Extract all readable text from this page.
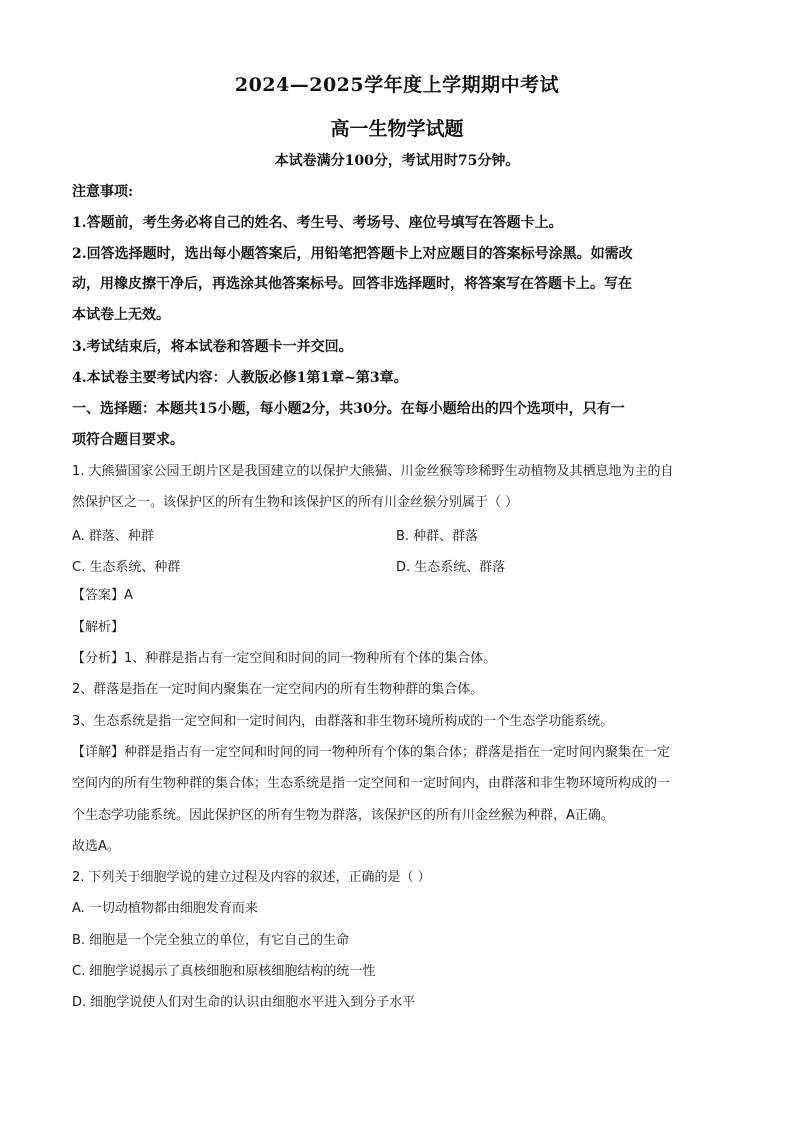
2024—2025学年度上学期期中考试
高一生物学试题
本试卷满分100分，考试用时75分钟。
注意事项:
1.答题前，考生务必将自己的姓名、考生号、考场号、座位号填写在答题卡上。
2.回答选择题时，选出每小题答案后，用铅笔把答题卡上对应题目的答案标号涂黑。如需改
动，用橡皮擦干净后，再选涂其他答案标号。回答非选择题时，将答案写在答题卡上。写在
本试卷上无效。
3.考试结束后，将本试卷和答题卡一并交回。
4.本试卷主要考试内容：人教版必修1第1章~第3章。
一、选择题：本题共15小题，每小题2分，共30分。在每小题给出的四个选项中，只有一
项符合题目要求。
1. 大熊猫国家公园王朗片区是我国建立的以保护大熊猫、川金丝猴等珍稀野生动植物及其栖息地为主的自
然保护区之一。该保护区的所有生物和该保护区的所有川金丝猴分别属于（ ）
A. 群落、种群	B. 种群、群落
C. 生态系统、种群	D. 生态系统、群落
【答案】A
【解析】
【分析】1、种群是指占有一定空间和时间的同一物种所有个体的集合体。
2、群落是指在一定时间内聚集在一定空间内的所有生物种群的集合体。
3、生态系统是指一定空间和一定时间内，由群落和非生物环境所构成的一个生态学功能系统。
【详解】种群是指占有一定空间和时间的同一物种所有个体的集合体；群落是指在一定时间内聚集在一定
空间内的所有生物种群的集合体；生态系统是指一定空间和一定时间内，由群落和非生物环境所构成的一
个生态学功能系统。因此保护区的所有生物为群落，该保护区的所有川金丝猴为种群，A正确。
故选A。
2. 下列关于细胞学说的建立过程及内容的叙述，正确的是（ ）
A. 一切动植物都由细胞发育而来
B. 细胞是一个完全独立的单位，有它自己的生命
C. 细胞学说揭示了真核细胞和原核细胞结构的统一性
D. 细胞学说使人们对生命的认识由细胞水平进入到分子水平
